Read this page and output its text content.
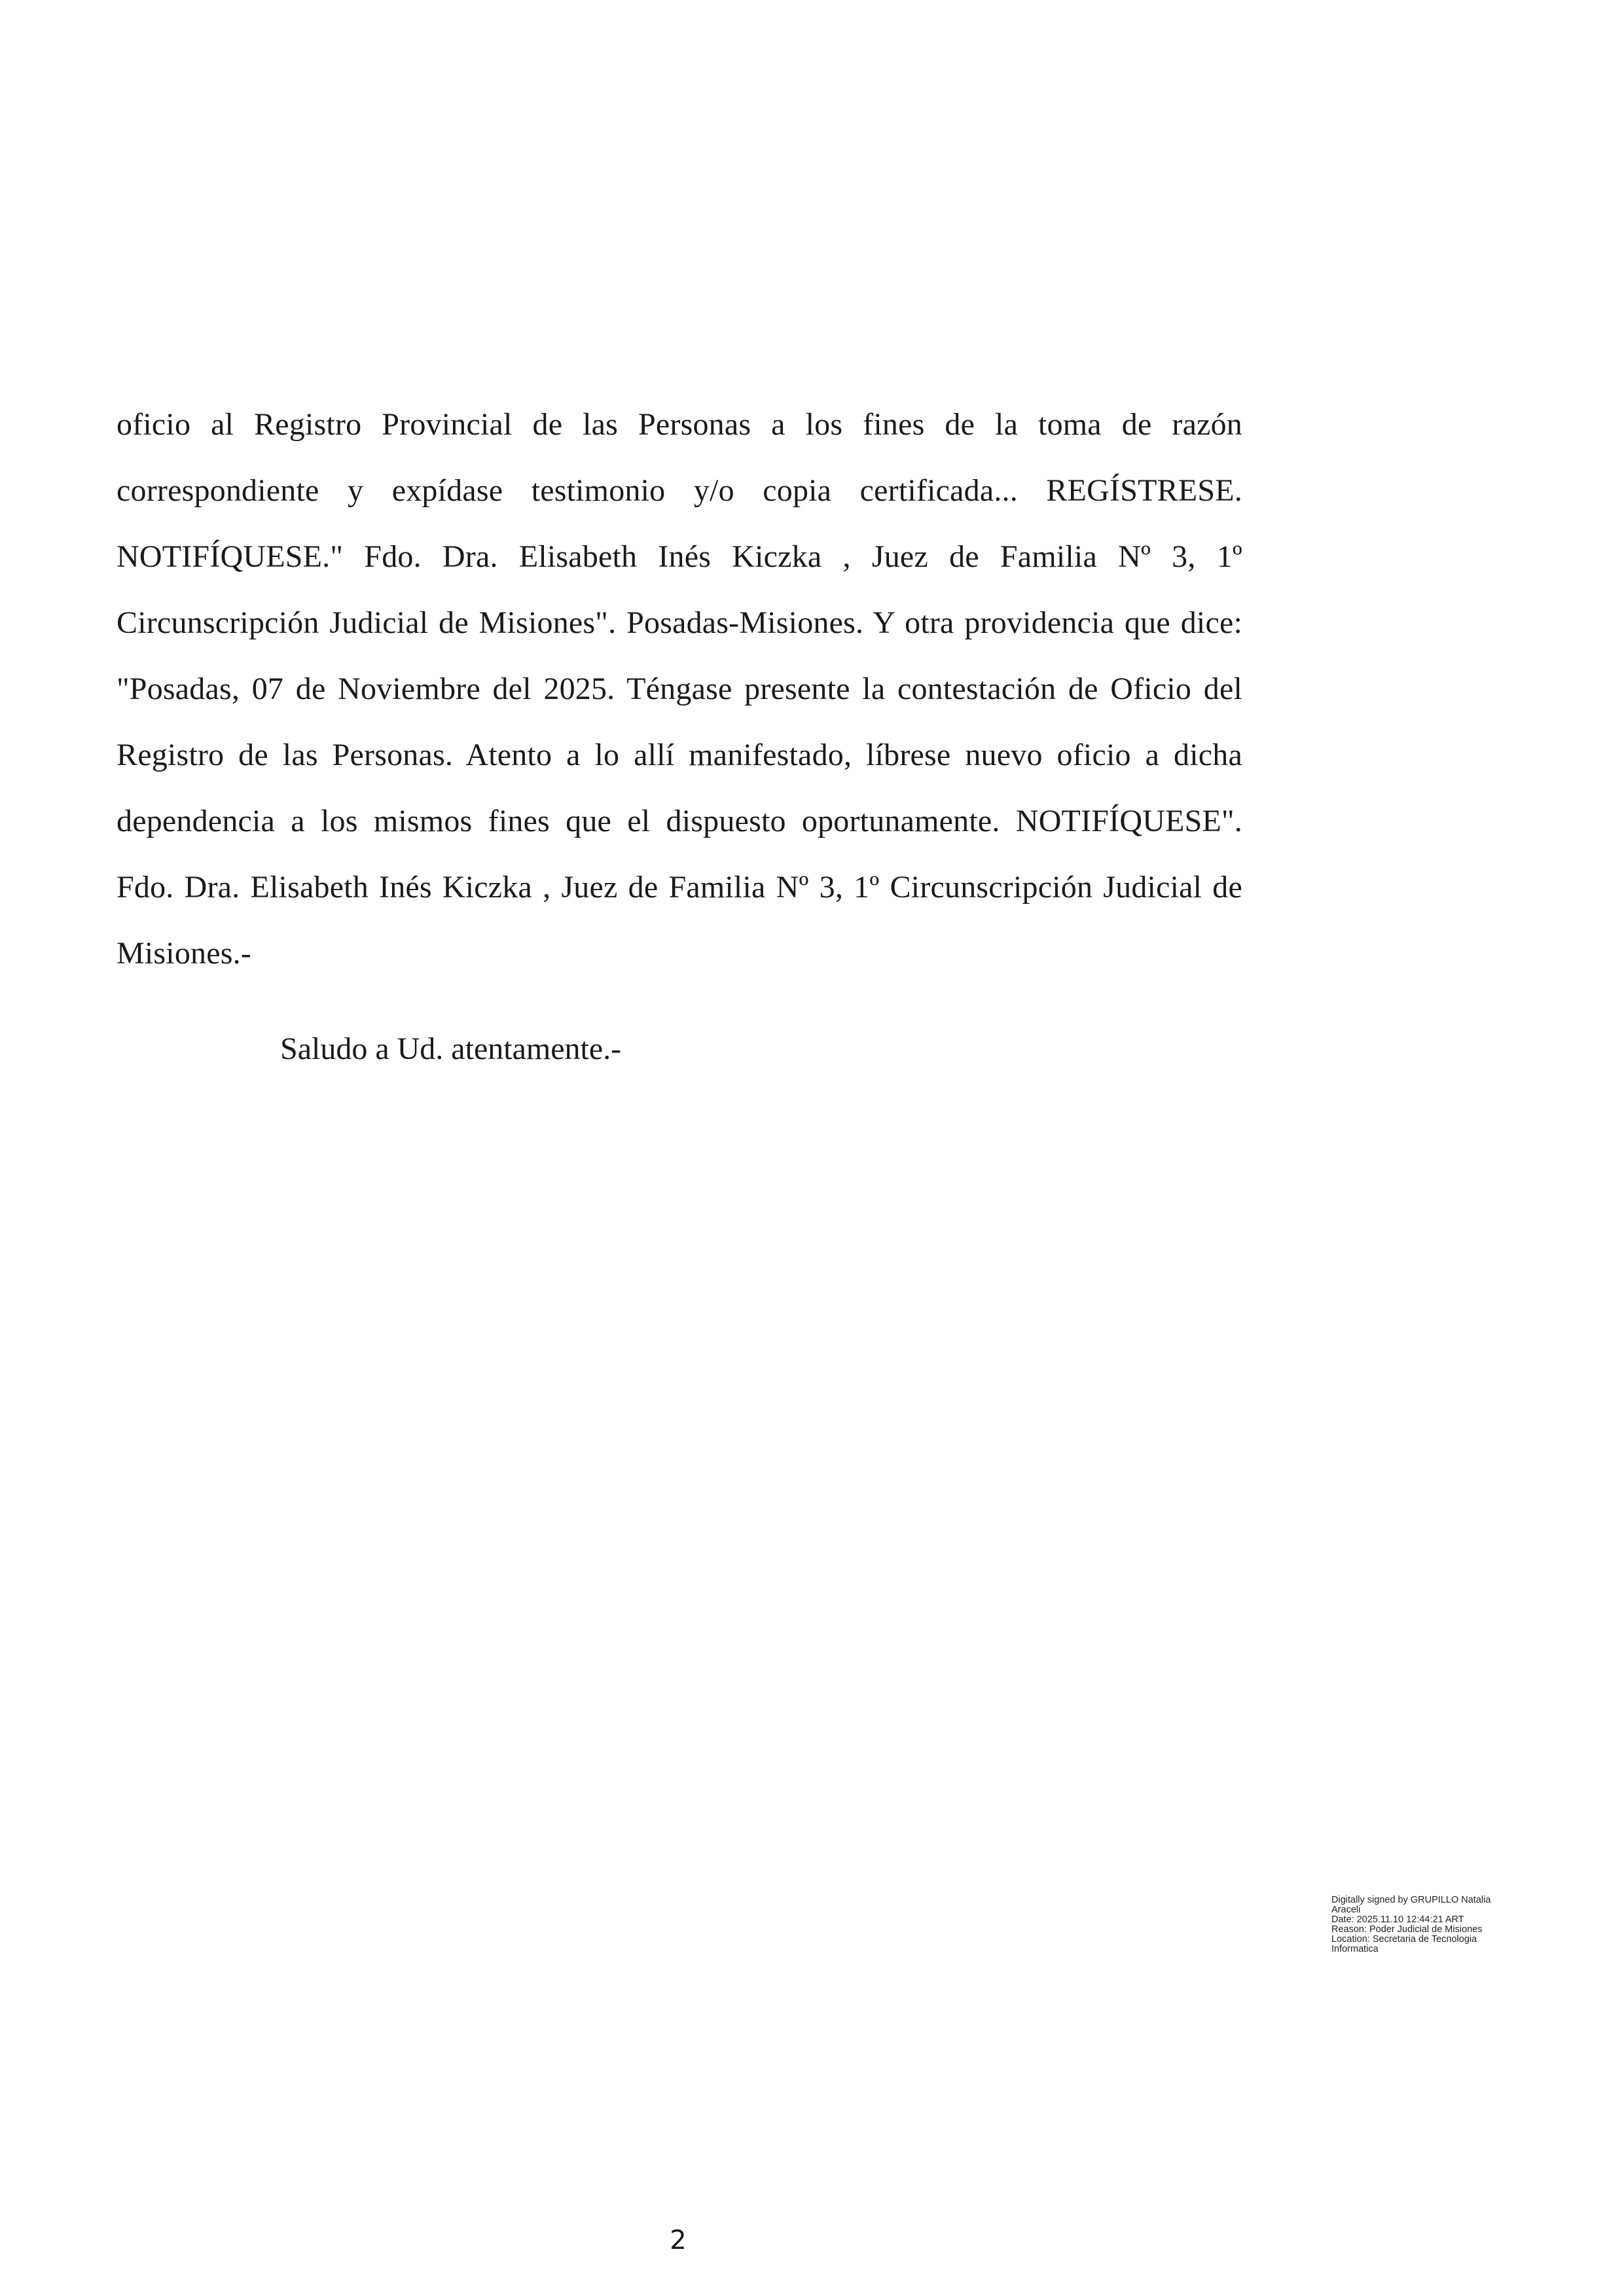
oficio al Registro Provincial de las Personas a los fines de la toma de razón correspondiente y expídase testimonio y/o copia certificada... REGÍSTRESE. NOTIFÍQUESE." Fdo. Dra. Elisabeth Inés Kiczka , Juez de Familia Nº 3, 1º Circunscripción Judicial de Misiones". Posadas-Misiones. Y otra providencia que dice: "Posadas, 07 de Noviembre del 2025. Téngase presente la contestación de Oficio del Registro de las Personas. Atento a lo allí manifestado, líbrese nuevo oficio a dicha dependencia a los mismos fines que el dispuesto oportunamente. NOTIFÍQUESE". Fdo. Dra. Elisabeth Inés Kiczka , Juez de Familia Nº 3, 1º Circunscripción Judicial de Misiones.-

Saludo a Ud. atentamente.-

Digitally signed by GRUPILLO Natalia Araceli
Date: 2025.11.10 12:44:21 ART
Reason: Poder Judicial de Misiones
Location: Secretaria de Tecnologia Informatica
2
